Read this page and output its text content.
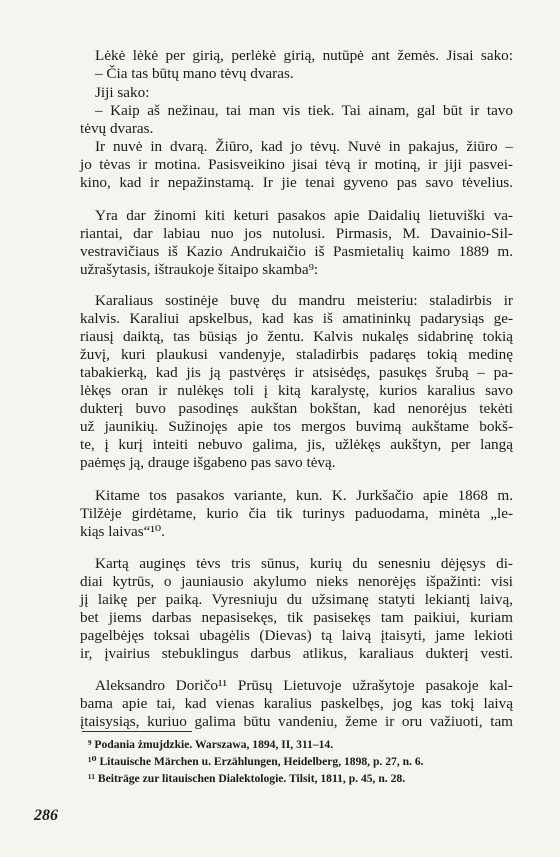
Lėkė lėkė per girią, perlėkė girią, nutūpė ant žemės. Jisai sako:
– Čia tas būtų mano tėvų dvaras.
Jiji sako:
– Kaip aš nežinau, tai man vis tiek. Tai ainam, gal būt ir tavo
tėvų dvaras.
Ir nuvė in dvarą. Žiūro, kad jo tėvų. Nuvė in pakajus, žiūro –
jo tėvas ir motina. Pasisveikino jisai tėvą ir motiną, ir jiji pasvei-
kino, kad ir nepažinstamą. Ir jie tenai gyveno pas savo tėvelius.
Yra dar žinomi kiti keturi pasakos apie Daidalių lietuviški va-
riantai, dar labiau nuo jos nutolusi. Pirmasis, M. Davainio-Sil-
vestravičiaus iš Kazio Andrukaičio iš Pasmietalių kaimo 1889 m.
užrašytasis, ištraukoje šitaipo skamba⁹:
Karaliaus sostinėje buvę du mandru meisteriu: staladirbis ir
kalvis. Karaliui apskelbus, kad kas iš amatininkų padarysiąs ge-
riausį daiktą, tas būsiąs jo žentu. Kalvis nukalęs sidabrinę tokią
žuvį, kuri plaukusi vandenyje, staladirbis padaręs tokią medinę
tabakierką, kad jis ją pastvėręs ir atsisėdęs, pasukęs šrubą – pa-
lėkęs oran ir nulėkęs toli į kitą karalystę, kurios karalius savo
dukterį buvo pasodinęs aukštan bokštan, kad nenorėjus tekėti
už jaunikių. Sužinojęs apie tos mergos buvimą aukštame bokš-
te, į kurį inteiti nebuvo galima, jis, užlėkęs aukštyn, per langą
paėmęs ją, drauge išgabeno pas savo tėvą.
Kitame tos pasakos variante, kun. K. Jurkšačio apie 1868 m.
Tilžėje girdėtame, kurio čia tik turinys paduodama, minėta „le-
kiąs laivas“¹⁰.
Kartą auginęs tėvs tris sūnus, kurių du senesniu dėjęsys di-
diai kytrūs, o jauniausio akylumo nieks nenorėjęs išpažinti: visi
jį laikę per paiką. Vyresniuju du užsimanę statyti lekiantį laivą,
bet jiems darbas nepasisekęs, tik pasisekęs tam paikiui, kuriam
pagelbėjęs toksai ubagėlis (Dievas) tą laivą įtaisyti, jame lekioti
ir, įvairius stebuklingus darbus atlikus, karaliaus dukterį vesti.
Aleksandro Doričo¹¹ Prūsų Lietuvoje užrašytoje pasakoje kal-
bama apie tai, kad vienas karalius paskelbęs, jog kas tokį laivą
įtaisysiąs, kuriuo galima būtu vandeniu, žeme ir oru važiuoti, tam
⁹ Podania żmujdzkie. Warszawa, 1894, II, 311–14.
¹⁰ Litauische Märchen u. Erzählungen, Heidelberg, 1898, p. 27, n. 6.
¹¹ Beiträge zur litauischen Dialektologie. Tilsit, 1811, p. 45, n. 28.
286
